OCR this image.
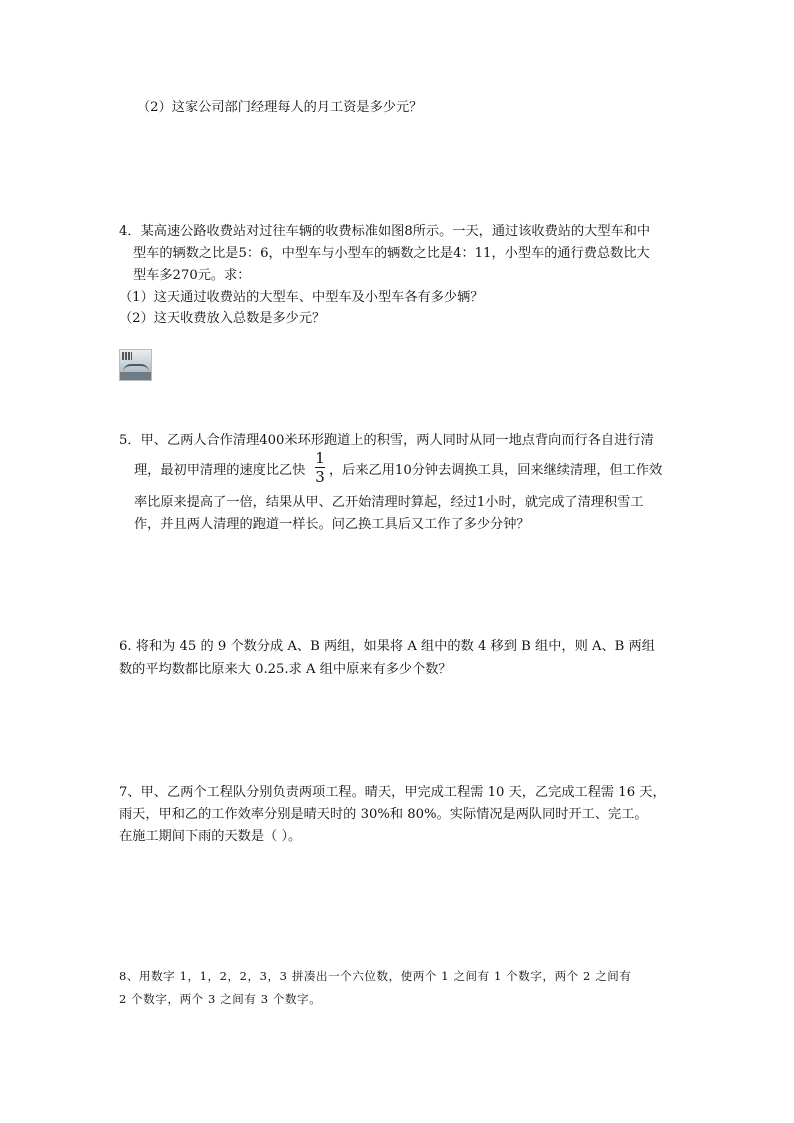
（2）这家公司部门经理每人的月工资是多少元？
4．某高速公路收费站对过往车辆的收费标准如图8所示。一天，通过该收费站的大型车和中
型车的辆数之比是5：6，中型车与小型车的辆数之比是4：11，小型车的通行费总数比大
型车多270元。求：
（1）这天通过收费站的大型车、中型车及小型车各有多少辆？
（2）这天收费放入总数是多少元？
5．甲、乙两人合作清理400米环形跑道上的积雪，两人同时从同一地点背向而行各自进行清
理，最初甲清理的速度比乙快
1
3 ，后来乙用10分钟去调换工具，回来继续清理，但工作效
率比原来提高了一倍，结果从甲、乙开始清理时算起，经过1小时，就完成了清理积雪工
作，并且两人清理的跑道一样长。问乙换工具后又工作了多少分钟？
6. 将和为 45 的 9 个数分成 A、B 两组，如果将 A 组中的数 4 移到 B 组中，则 A、B 两组
数的平均数都比原来大 0.25.求 A 组中原来有多少个数？
7、甲、乙两个工程队分别负责两项工程。晴天，甲完成工程需 10 天，乙完成工程需 16 天，
雨天，甲和乙的工作效率分别是晴天时的 30%和 80%。实际情况是两队同时开工、完工。
在施工期间下雨的天数是（ ）。
8、用数字 1，1，2，2，3，3 拼凑出一个六位数，使两个 1 之间有 1 个数字，两个 2 之间有
2 个数字，两个 3 之间有 3 个数字。
